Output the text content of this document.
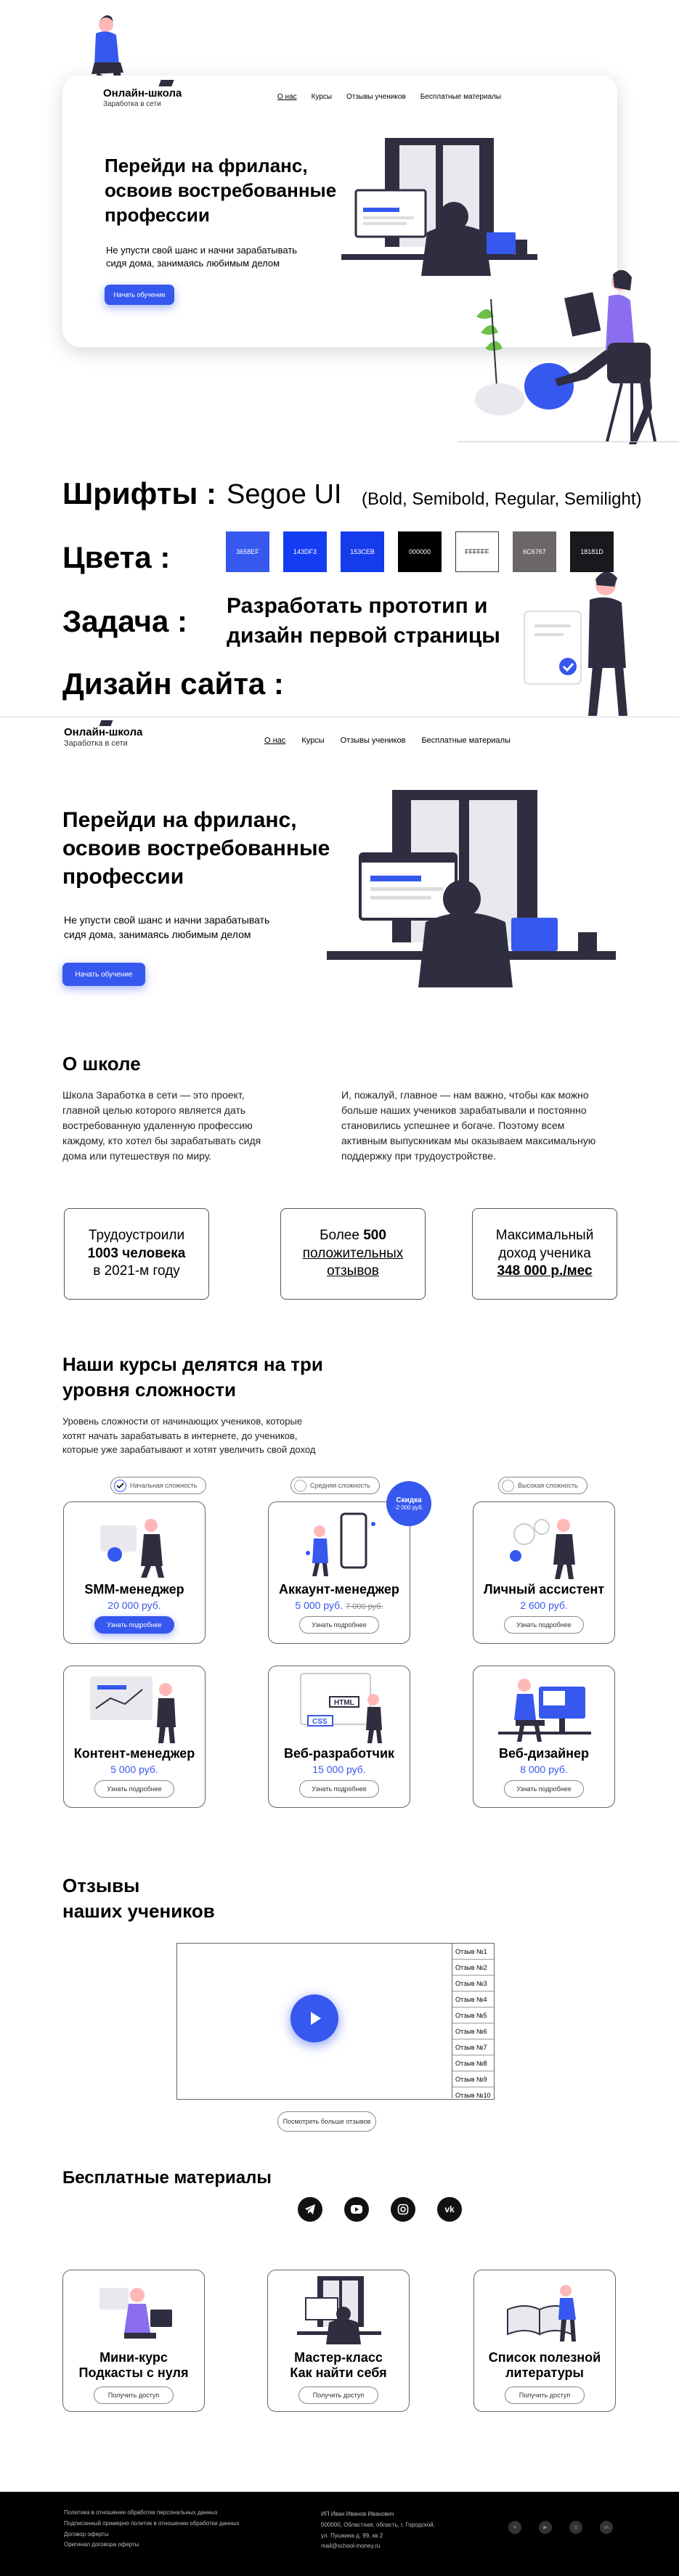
Онлайн-школа
Заработка в сети
О нас Курсы Отзывы учеников Бесплатные материалы
Перейди на фриланс,
освоив востребованные
профессии
Не упусти свой шанс и начни зарабатывать
сидя дома, занимаясь любимым делом
Начать обучение
Шрифты : Segoe UI (Bold, Semibold, Regular, Semilight)
Цвета :	3658EF	143DF3	153CEB	000000	FFFFFF	6C6767	18181D
Задача : Разработать прототип и
дизайн первой страницы
Дизайн сайта :
Онлайн-школа
Заработка в сети	О нас Курсы Отзывы учеников Бесплатные материалы
Перейди на фриланс,
освоив востребованные
профессии
Не упусти свой шанс и начни зарабатывать
сидя дома, занимаясь любимым делом
Начать обучение
О школе
Школа Заработка в сети — это проект,
главной целью которого является дать
востребованную удаленную профессию
каждому, кто хотел бы зарабатывать сидя
дома или путешествуя по миру.
И, пожалуй, главное — нам важно, чтобы как можно
больше наших учеников зарабатывали и постоянно
становились успешнее и богаче. Поэтому всем
активным выпускникам мы оказываем максимальную
поддержку при трудоустройстве.
Трудоустроили
1003 человека
в 2021-м году
Более 500
положительных
отзывов
Максимальный
доход ученика
348 000 р./мес
Наши курсы делятся на три
уровня сложности
Уровень сложности от начинающих учеников, которые
хотят начать зарабатывать в интернете, до учеников,
которые уже зарабатывают и хотят увеличить свой доход
Начальная сложность	Средняя сложность	Высокая сложность
SMM-менеджер
20 000 руб.
Узнать подробнее
Аккаунт-менеджер
5 000 руб. 7 000 руб.
Узнать подробнее
Скидка
-2 000 руб.
Личный ассистент
2 600 руб.
Узнать подробнее
Контент-менеджер
5 000 руб.
Узнать подробнее
HTML
CSS
Веб-разработчик
15 000 руб.
Узнать подробнее
Веб-дизайнер
8 000 руб.
Узнать подробнее
Отзывы
наших учеников
Отзыв №1
Отзыв №2
Отзыв №3
Отзыв №4
Отзыв №5
Отзыв №6
Отзыв №7
Отзыв №8
Отзыв №9
Отзыв №10
Посмотреть больше отзывов
Бесплатные материалы
vk
Мини-курс
Подкасты с нуля
Получить доступ
Мастер-класс
Как найти себя
Получить доступ
Список полезной
литературы
Получить доступ
Политика в отношении обработки персональных данных
Подписанный примерно политик в отношении обработки данных
Договор оферты
Оригинал договора оферты
ИП Иван Иванов Иванович
000000, Областная, область, г. Городской,
ул. Пушкина д. 99, кв 2
mail@school-money.ru
✈	▶	◎	vk
